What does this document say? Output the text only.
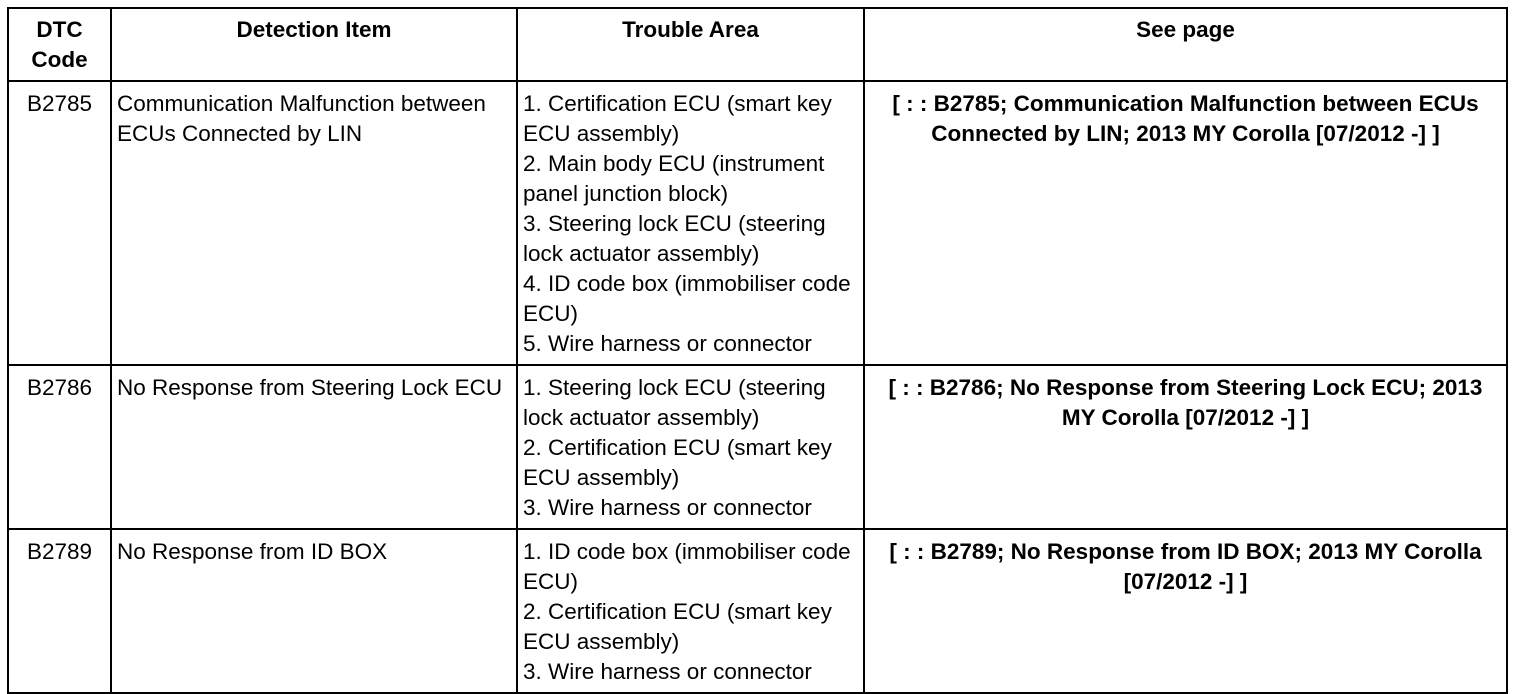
DTC
Code	Detection Item	Trouble Area	See page
B2785	Communication Malfunction between ECUs Connected by LIN	1. Certification ECU (smart key ECU assembly)
2. Main body ECU (instrument panel junction block)
3. Steering lock ECU (steering lock actuator assembly)
4. ID code box (immobiliser code ECU)
5. Wire harness or connector	[ : : B2785; Communication Malfunction between ECUs Connected by LIN; 2013 MY Corolla [07/2012 -] ]
B2786	No Response from Steering Lock ECU	1. Steering lock ECU (steering lock actuator assembly)
2. Certification ECU (smart key ECU assembly)
3. Wire harness or connector	[ : : B2786; No Response from Steering Lock ECU; 2013 MY Corolla [07/2012 -] ]
B2789	No Response from ID BOX	1. ID code box (immobiliser code ECU)
2. Certification ECU (smart key ECU assembly)
3. Wire harness or connector	[ : : B2789; No Response from ID BOX; 2013 MY Corolla [07/2012 -] ]
